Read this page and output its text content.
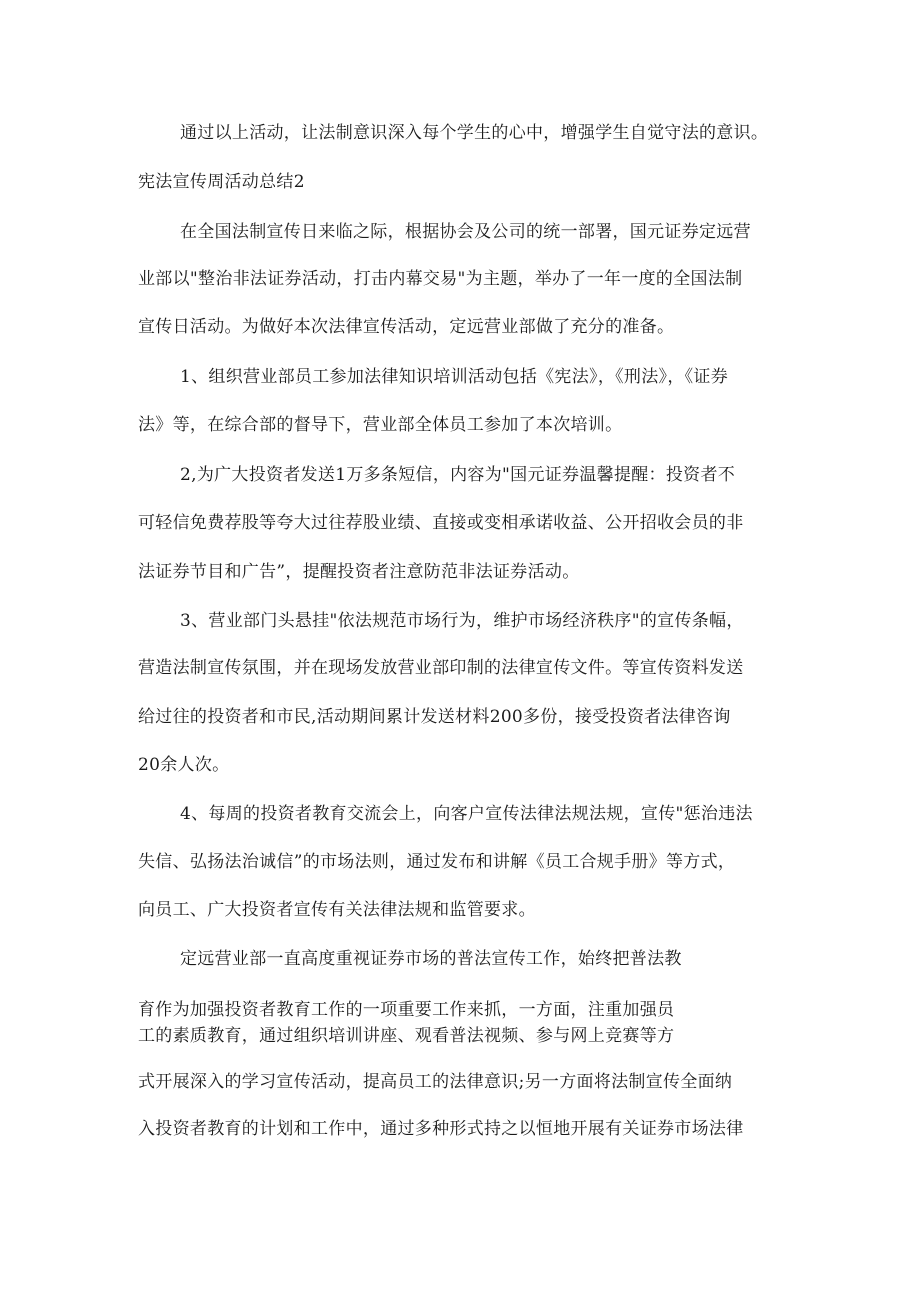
通过以上活动，让法制意识深入每个学生的心中，增强学生自觉守法的意识。
宪法宣传周活动总结2
在全国法制宣传日来临之际，根据协会及公司的统一部署，国元证券定远营
业部以"整治非法证券活动，打击内幕交易"为主题，举办了一年一度的全国法制
宣传日活动。为做好本次法律宣传活动，定远营业部做了充分的准备。
1、组织营业部员工参加法律知识培训活动包括《宪法》，《刑法》，《证券
法》等，在综合部的督导下，营业部全体员工参加了本次培训。
2,为广大投资者发送1万多条短信，内容为"国元证券温馨提醒：投资者不
可轻信免费荐股等夸大过往荐股业绩、直接或变相承诺收益、公开招收会员的非
法证券节目和广告”，提醒投资者注意防范非法证券活动。
3、营业部门头悬挂"依法规范市场行为，维护市场经济秩序"的宣传条幅，
营造法制宣传氛围，并在现场发放营业部印制的法律宣传文件。等宣传资料发送
给过往的投资者和市民,活动期间累计发送材料200多份，接受投资者法律咨询
20余人次。
4、每周的投资者教育交流会上，向客户宣传法律法规法规，宣传"惩治违法
失信、弘扬法治诚信”的市场法则，通过发布和讲解《员工合规手册》等方式，
向员工、广大投资者宣传有关法律法规和监管要求。
定远营业部一直高度重视证券市场的普法宣传工作，始终把普法教
育作为加强投资者教育工作的一项重要工作来抓，一方面，注重加强员
工的素质教育，通过组织培训讲座、观看普法视频、参与网上竞赛等方
式开展深入的学习宣传活动，提高员工的法律意识;另一方面将法制宣传全面纳
入投资者教育的计划和工作中，通过多种形式持之以恒地开展有关证券市场法律
